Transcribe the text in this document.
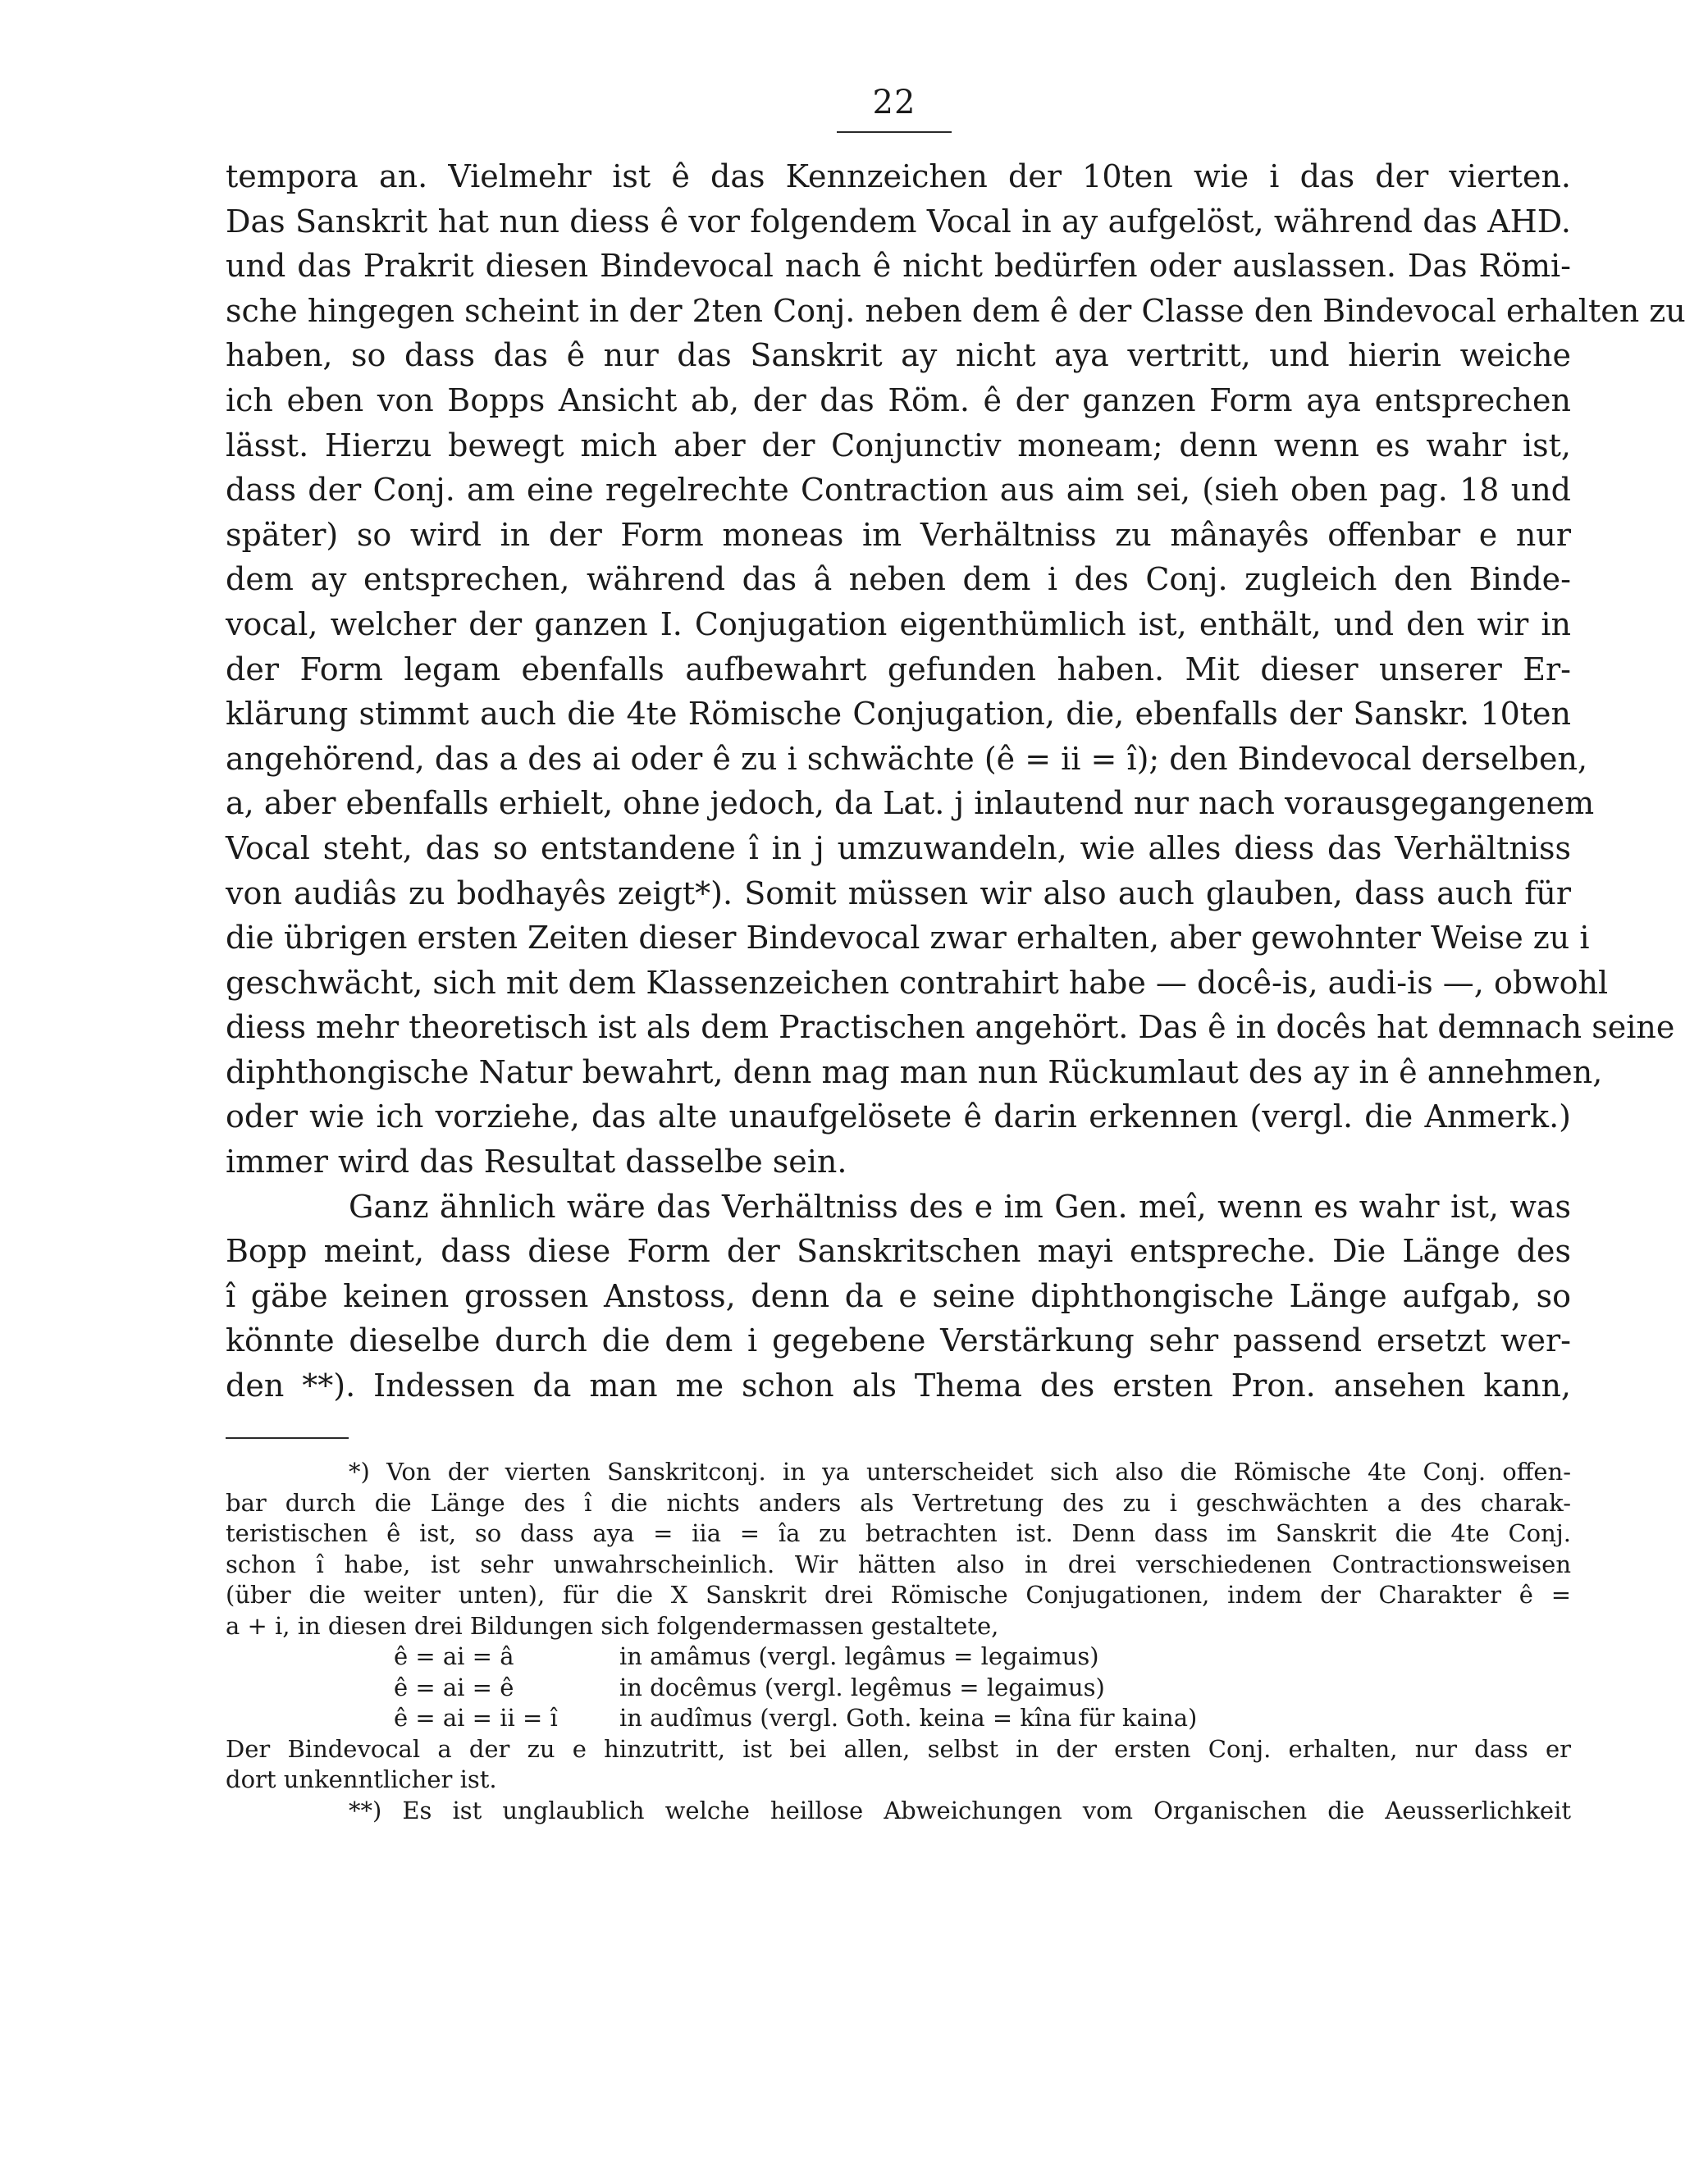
22
tempora an. Vielmehr ist ê das Kennzeichen der 10ten wie i das der vierten.
Das Sanskrit hat nun diess ê vor folgendem Vocal in ay aufgelöst, während das AHD.
und das Prakrit diesen Bindevocal nach ê nicht bedürfen oder auslassen. Das Römi-
sche hingegen scheint in der 2ten Conj. neben dem ê der Classe den Bindevocal erhalten zu
haben, so dass das ê nur das Sanskrit ay nicht aya vertritt, und hierin weiche
ich eben von Bopps Ansicht ab, der das Röm. ê der ganzen Form aya entsprechen
lässt. Hierzu bewegt mich aber der Conjunctiv moneam; denn wenn es wahr ist,
dass der Conj. am eine regelrechte Contraction aus aim sei, (sieh oben pag. 18 und
später) so wird in der Form moneas im Verhältniss zu mânayês offenbar e nur
dem ay entsprechen, während das â neben dem i des Conj. zugleich den Binde-
vocal, welcher der ganzen I. Conjugation eigenthümlich ist, enthält, und den wir in
der Form legam ebenfalls aufbewahrt gefunden haben. Mit dieser unserer Er-
klärung stimmt auch die 4te Römische Conjugation, die, ebenfalls der Sanskr. 10ten
angehörend, das a des ai oder ê zu i schwächte (ê = ii = î); den Bindevocal derselben,
a, aber ebenfalls erhielt, ohne jedoch, da Lat. j inlautend nur nach vorausgegangenem
Vocal steht, das so entstandene î in j umzuwandeln, wie alles diess das Verhältniss
von audiâs zu bodhayês zeigt*). Somit müssen wir also auch glauben, dass auch für
die übrigen ersten Zeiten dieser Bindevocal zwar erhalten, aber gewohnter Weise zu i
geschwächt, sich mit dem Klassenzeichen contrahirt habe — docê-is, audi-is —, obwohl
diess mehr theoretisch ist als dem Practischen angehört. Das ê in docês hat demnach seine
diphthongische Natur bewahrt, denn mag man nun Rückumlaut des ay in ê annehmen,
oder wie ich vorziehe, das alte unaufgelösete ê darin erkennen (vergl. die Anmerk.)
immer wird das Resultat dasselbe sein.
Ganz ähnlich wäre das Verhältniss des e im Gen. meî, wenn es wahr ist, was
Bopp meint, dass diese Form der Sanskritschen mayi entspreche. Die Länge des
î gäbe keinen grossen Anstoss, denn da e seine diphthongische Länge aufgab, so
könnte dieselbe durch die dem i gegebene Verstärkung sehr passend ersetzt wer-
den **). Indessen da man me schon als Thema des ersten Pron. ansehen kann,
*) Von der vierten Sanskritconj. in ya unterscheidet sich also die Römische 4te Conj. offen-
bar durch die Länge des î die nichts anders als Vertretung des zu i geschwächten a des charak-
teristischen ê ist, so dass aya = iia = îa zu betrachten ist. Denn dass im Sanskrit die 4te Conj.
schon î habe, ist sehr unwahrscheinlich. Wir hätten also in drei verschiedenen Contractionsweisen
(über die weiter unten), für die X Sanskrit drei Römische Conjugationen, indem der Charakter ê =
a + i, in diesen drei Bildungen sich folgendermassen gestaltete,
ê = ai = â	in amâmus (vergl. legâmus = legaimus)
ê = ai = ê	in docêmus (vergl. legêmus = legaimus)
ê = ai = ii = î	in audîmus (vergl. Goth. keina = kîna für kaina)
Der Bindevocal a der zu e hinzutritt, ist bei allen, selbst in der ersten Conj. erhalten, nur dass er
dort unkenntlicher ist.
**) Es ist unglaublich welche heillose Abweichungen vom Organischen die Aeusserlichkeit
